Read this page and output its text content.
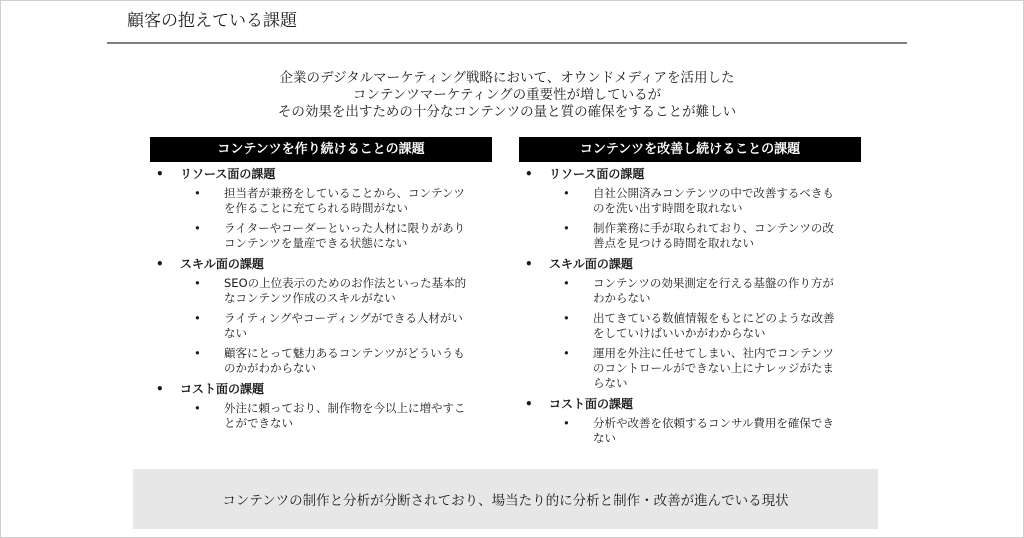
顧客の抱えている課題
企業のデジタルマーケティング戦略において、オウンドメディアを活用した
コンテンツマーケティングの重要性が増しているが
その効果を出すための十分なコンテンツの量と質の確保をすることが難しい
コンテンツを作り続けることの課題
• リソース面の課題
• 担当者が兼務をしていることから、コンテンツ
を作ることに充てられる時間がない
• ライターやコーダーといった人材に限りがあり
コンテンツを量産できる状態にない
• スキル面の課題
• SEOの上位表示のためのお作法といった基本的
なコンテンツ作成のスキルがない
• ライティングやコーディングができる人材がい
ない
• 顧客にとって魅力あるコンテンツがどういうも
のかがわからない
• コスト面の課題
• 外注に頼っており、制作物を今以上に増やすこ
とができない
コンテンツを改善し続けることの課題
• リソース面の課題
• 自社公開済みコンテンツの中で改善するべきも
のを洗い出す時間を取れない
• 制作業務に手が取られており、コンテンツの改
善点を見つける時間を取れない
• スキル面の課題
• コンテンツの効果測定を行える基盤の作り方が
わからない
• 出てきている数値情報をもとにどのような改善
をしていけばいいかがわからない
• 運用を外注に任せてしまい、社内でコンテンツ
のコントロールができない上にナレッジがたま
らない
• コスト面の課題
• 分析や改善を依頼するコンサル費用を確保でき
ない
コンテンツの制作と分析が分断されており、場当たり的に分析と制作・改善が進んでいる現状
